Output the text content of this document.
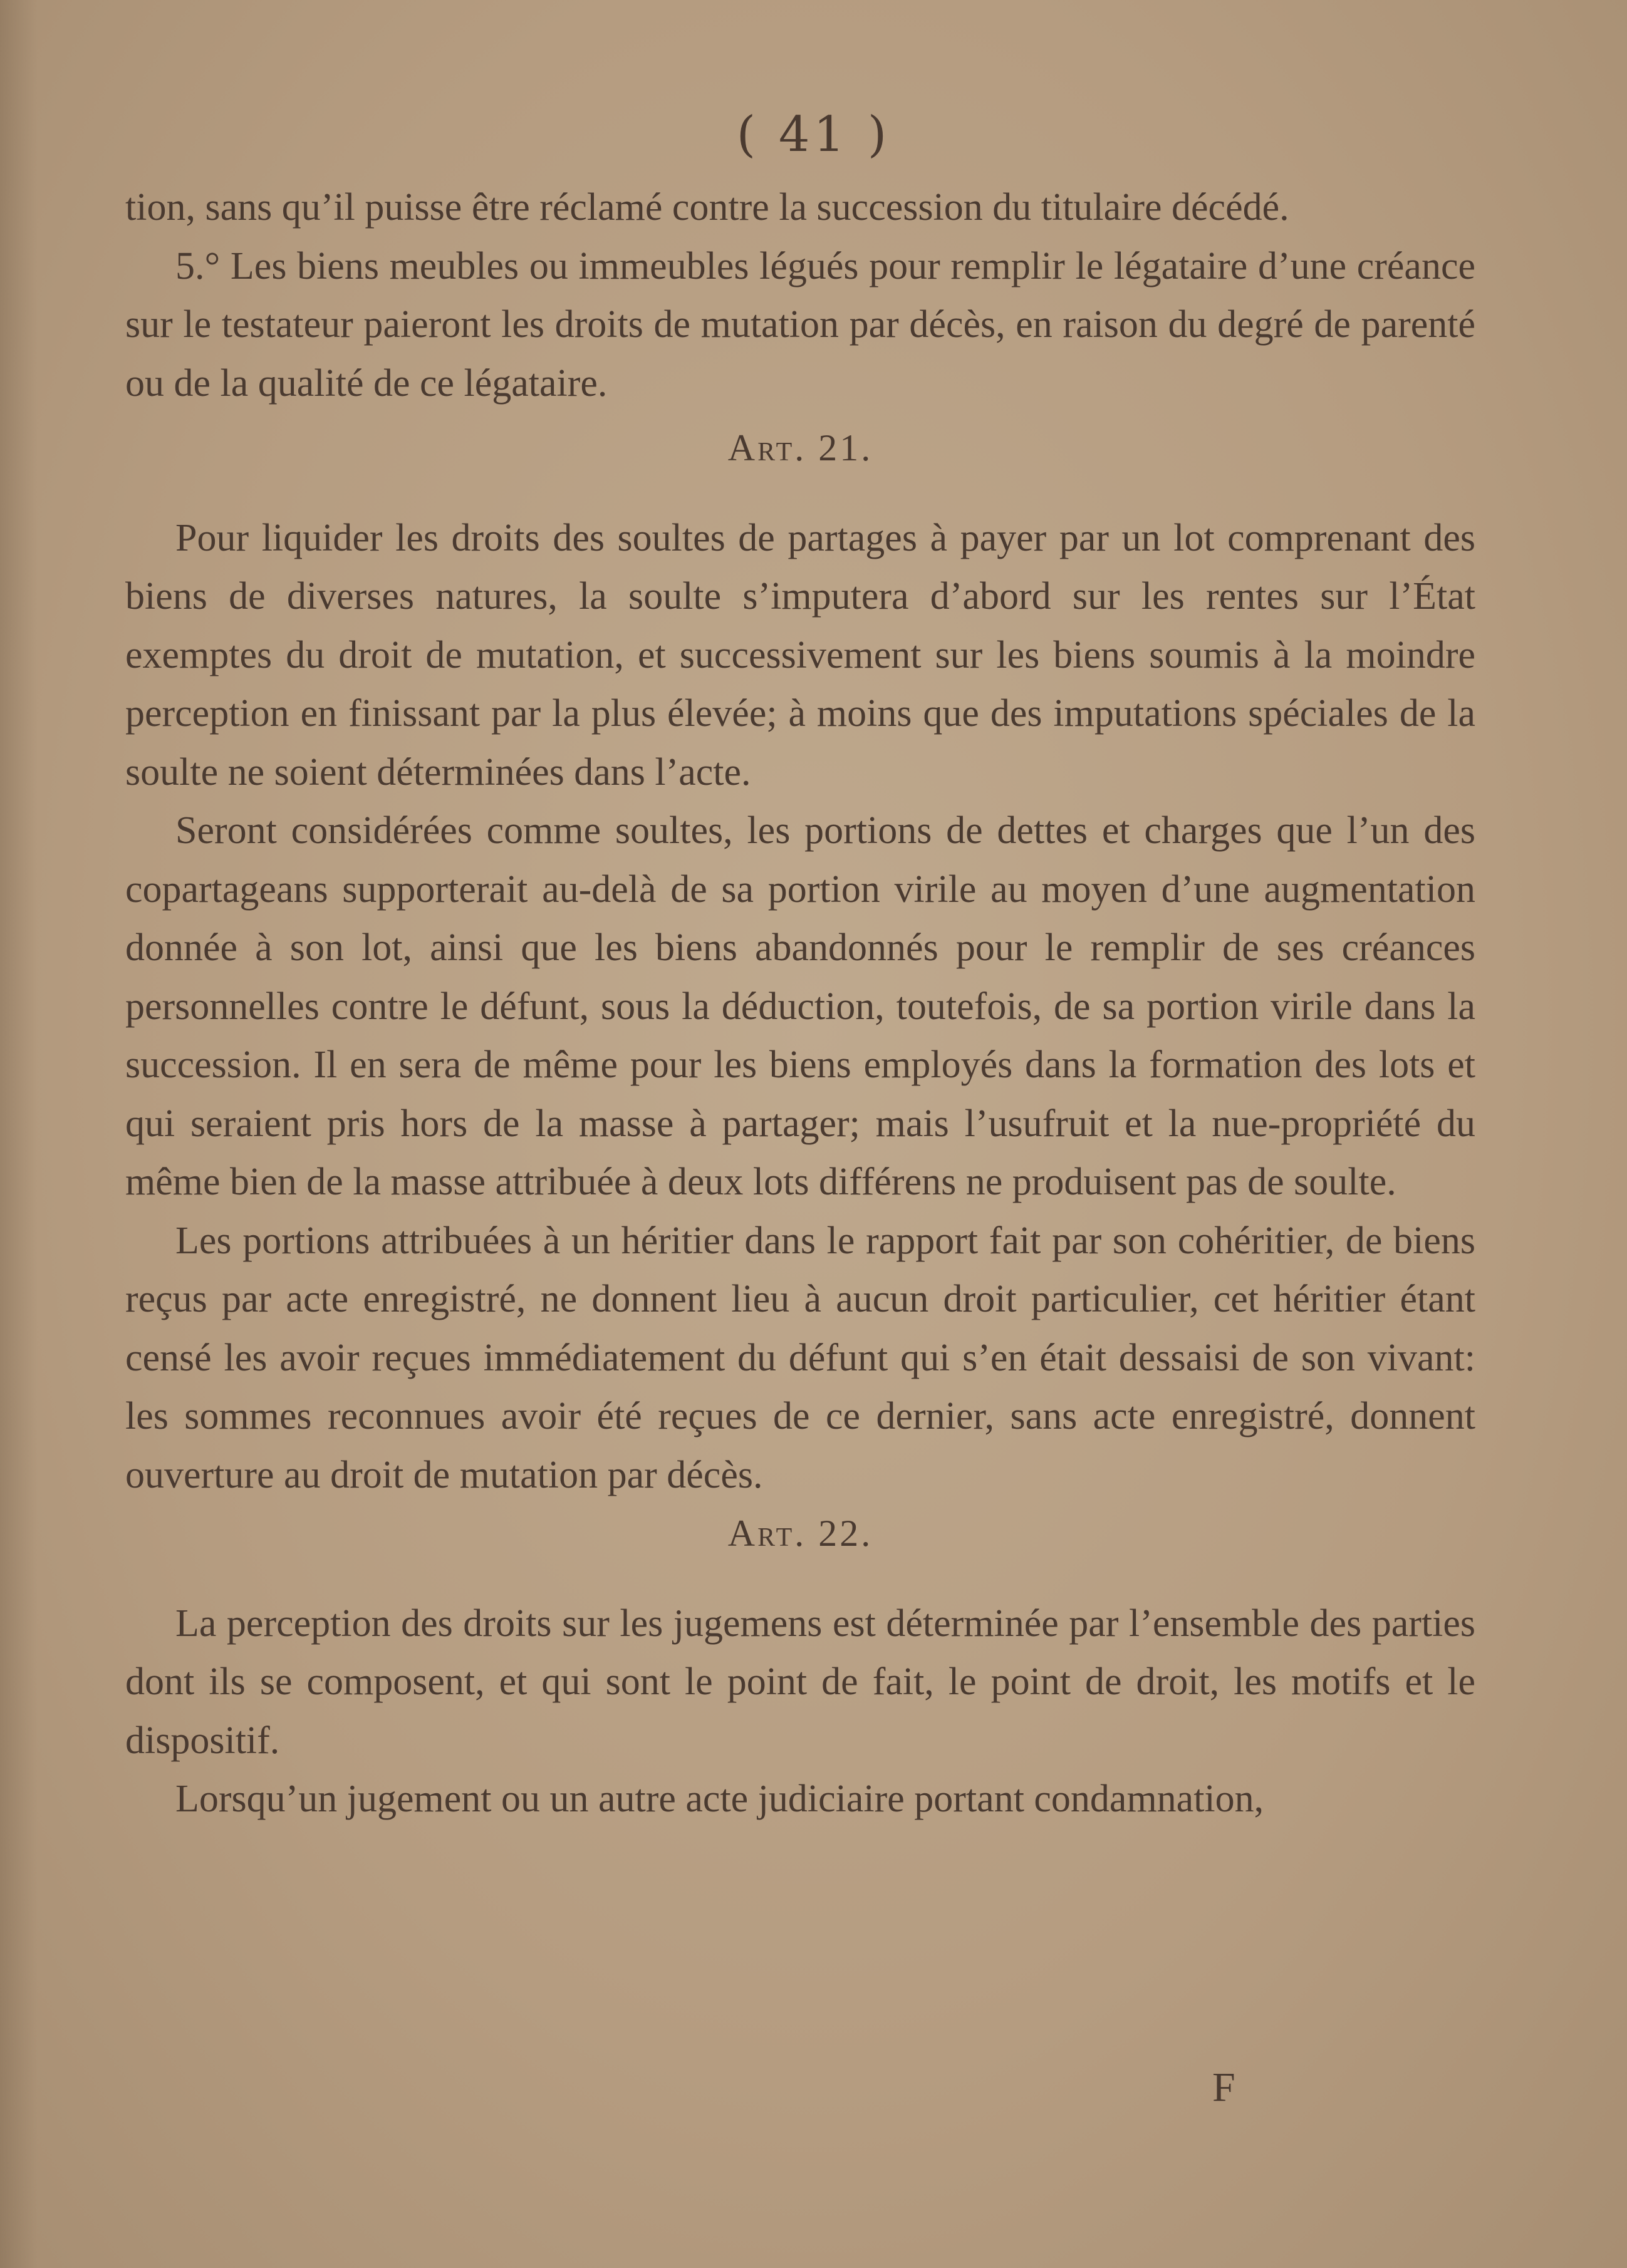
( 41 )

tion, sans qu’il puisse être réclamé contre la succession du titulaire décédé.

5.° Les biens meubles ou immeubles légués pour remplir le légataire d’une créance sur le testateur paieront les droits de mutation par décès, en raison du degré de parenté ou de la qualité de ce légataire.

Art. 21.

Pour liquider les droits des soultes de partages à payer par un lot comprenant des biens de diverses natures, la soulte s’imputera d’abord sur les rentes sur l’État exemptes du droit de mutation, et successivement sur les biens soumis à la moindre perception en finissant par la plus élevée; à moins que des imputations spéciales de la soulte ne soient déterminées dans l’acte.

Seront considérées comme soultes, les portions de dettes et charges que l’un des copartageans supporterait au-delà de sa portion virile au moyen d’une augmentation donnée à son lot, ainsi que les biens abandonnés pour le remplir de ses créances personnelles contre le défunt, sous la déduction, toutefois, de sa portion virile dans la succession. Il en sera de même pour les biens employés dans la formation des lots et qui seraient pris hors de la masse à partager; mais l’usufruit et la nue-propriété du même bien de la masse attribuée à deux lots différens ne produisent pas de soulte.

Les portions attribuées à un héritier dans le rapport fait par son cohéritier, de biens reçus par acte enregistré, ne donnent lieu à aucun droit particulier, cet héritier étant censé les avoir reçues immédiatement du défunt qui s’en était dessaisi de son vivant: les sommes reconnues avoir été reçues de ce dernier, sans acte enregistré, donnent ouverture au droit de mutation par décès.

Art. 22.

La perception des droits sur les jugemens est déterminée par l’ensemble des parties dont ils se composent, et qui sont le point de fait, le point de droit, les motifs et le dispositif.

Lorsqu’un jugement ou un autre acte judiciaire portant condamnation,

F
